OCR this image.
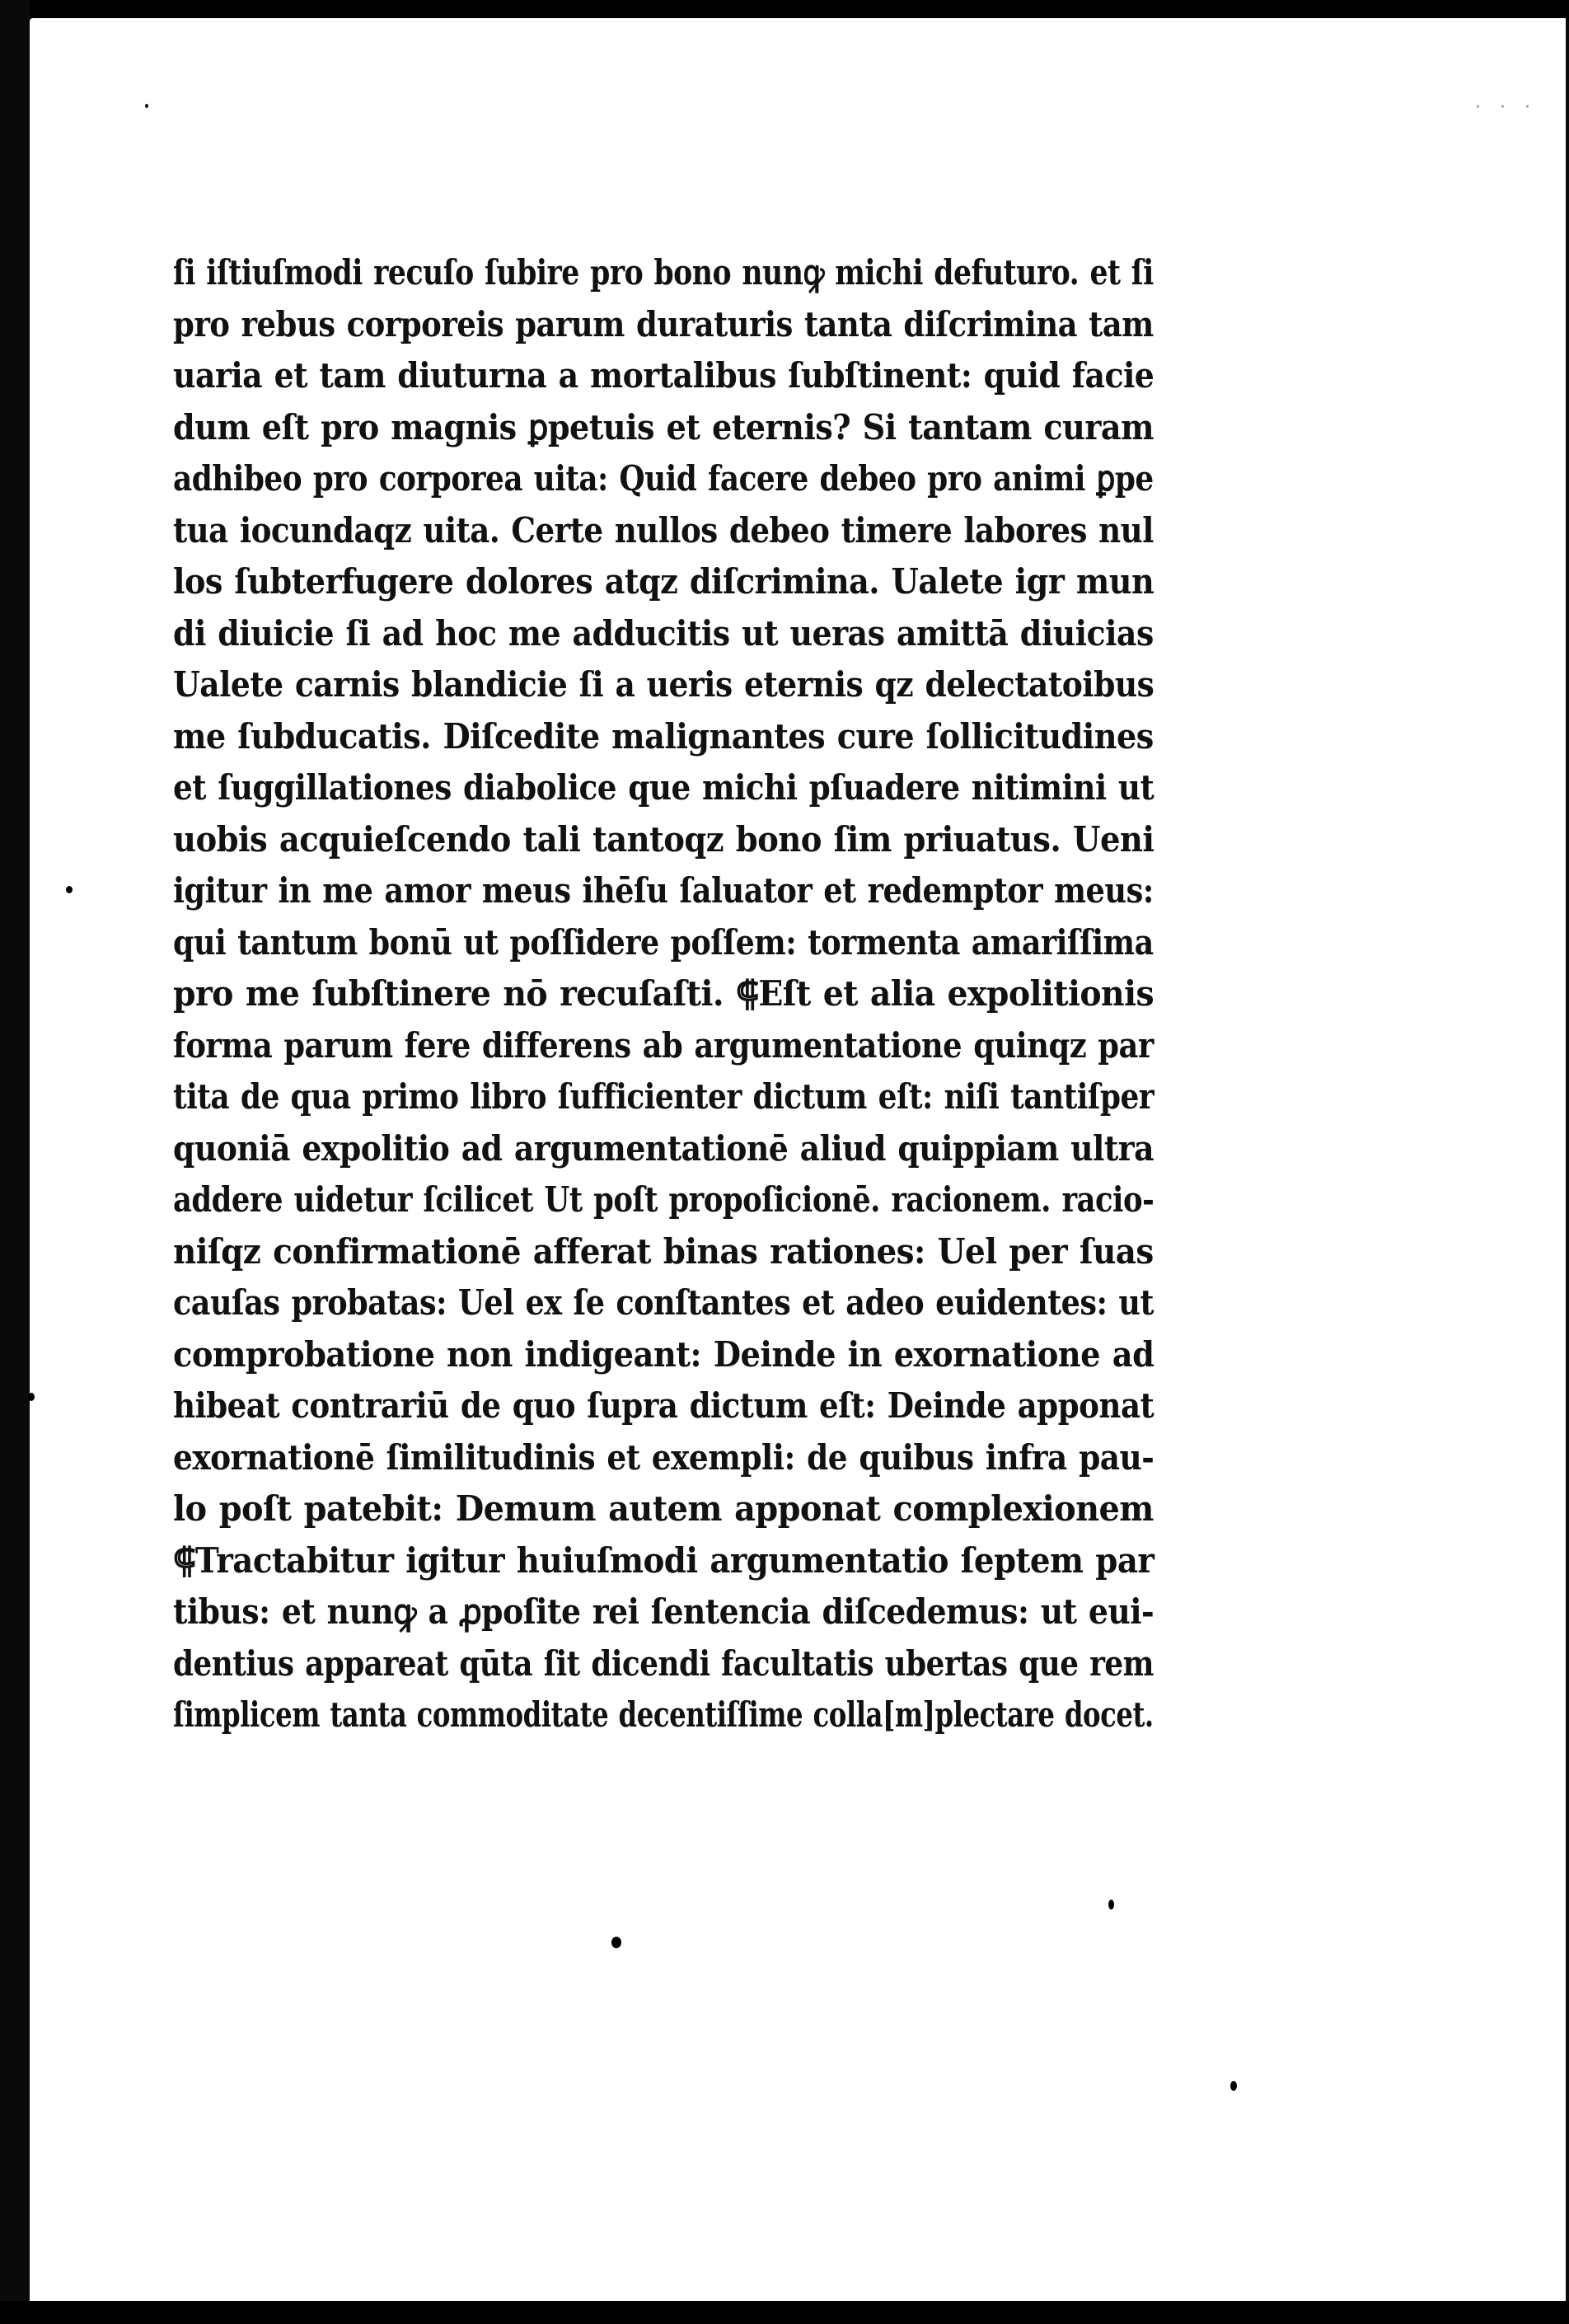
· · ·
ſi iſtiuſmodi recuſo ſubire pro bono nunꝙ michi defuturo. et ſi
pro rebus corporeis parum duraturis tanta diſcrimina tam
uaria et tam diuturna a mortalibus ſubſtinent: quid facie
dum eſt pro magnis ꝑpetuis et eternis? Si tantam curam
adhibeo pro corporea uita: Quid facere debeo pro animi ꝑpe
tua iocundaqz uita. Certe nullos debeo timere labores nul
los ſubterfugere dolores atqz diſcrimina. Ualete igr mun
di diuicie ſi ad hoc me adducitis ut ueras amittā diuicias
Ualete carnis blandicie ſi a ueris eternis qz delectatoibus
me ſubducatis. Diſcedite malignantes cure ſollicitudines
et ſuggillationes diabolice que michi pſuadere nitimini ut
uobis acquieſcendo tali tantoqz bono ſim priuatus. Ueni
igitur in me amor meus ihēſu ſaluator et redemptor meus:
qui tantum bonū ut poſſidere poſſem: tormenta amariſſima
pro me ſubſtinere nō recuſaſti. ⸿Eſt et alia expolitionis
forma parum fere differens ab argumentatione quinqz par
tita de qua primo libro ſufficienter dictum eſt: niſi tantiſper
quoniā expolitio ad argumentationē aliud quippiam ultra
addere uidetur ſcilicet Ut poſt propoſicionē. racionem. racio-
niſqz confirmationē afferat binas rationes: Uel per ſuas
cauſas probatas: Uel ex ſe conſtantes et adeo euidentes: ut
comprobatione non indigeant: Deinde in exornatione ad
hibeat contrariū de quo ſupra dictum eſt: Deinde apponat
exornationē ſimilitudinis et exempli: de quibus infra pau-
lo poſt patebit: Demum autem apponat complexionem
⸿Tractabitur igitur huiuſmodi argumentatio ſeptem par
tibus: et nunꝙ a ꝓpoſite rei ſentencia diſcedemus: ut eui-
dentius appareat qūta ſit dicendi facultatis ubertas que rem
ſimplicem tanta commoditate decentiſſime colla[m]plectare docet.
